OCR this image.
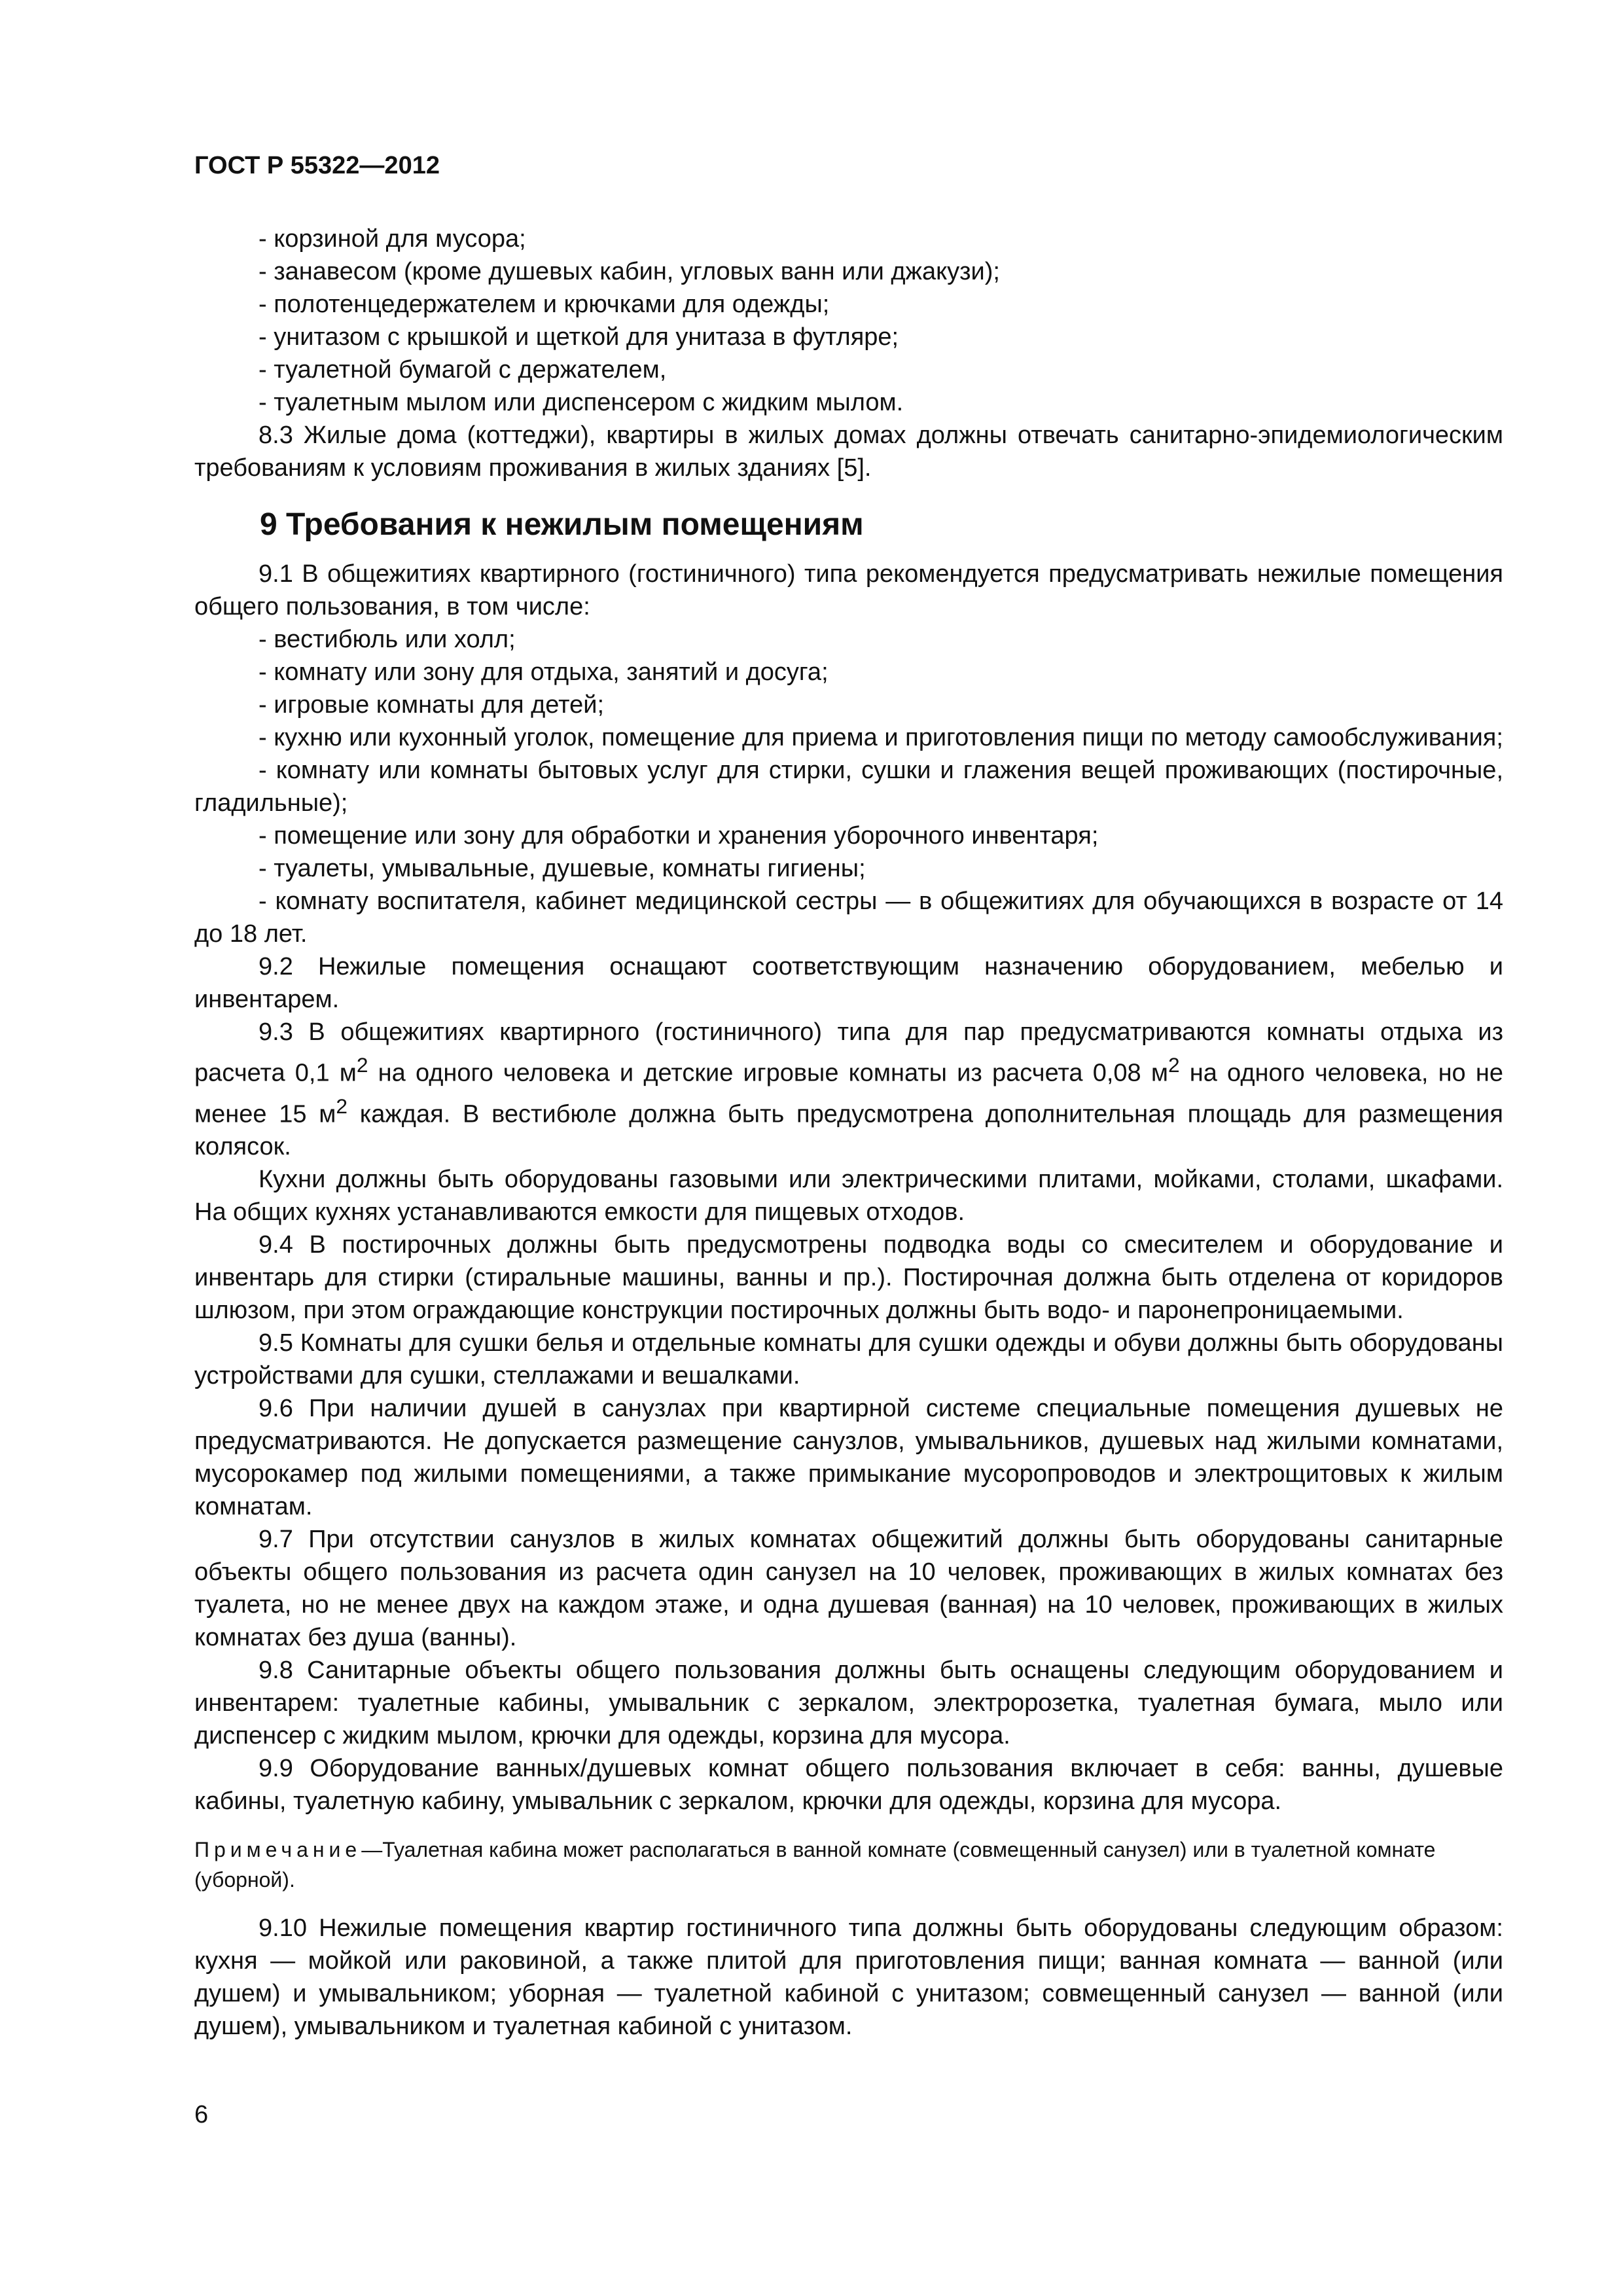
ГОСТ Р 55322—2012

- корзиной для мусора;

- занавесом (кроме душевых кабин, угловых ванн или джакузи);

- полотенцедержателем и крючками для одежды;

- унитазом с крышкой и щеткой для унитаза в футляре;

- туалетной бумагой с держателем,

- туалетным мылом или диспенсером с жидким мылом.

8.3 Жилые дома (коттеджи), квартиры в жилых домах должны отвечать санитарно-эпидемиологическим требованиям к условиям проживания в жилых зданиях [5].

9 Требования к нежилым помещениям

9.1 В общежитиях квартирного (гостиничного) типа рекомендуется предусматривать нежилые помещения общего пользования, в том числе:

- вестибюль или холл;

- комнату или зону для отдыха, занятий и досуга;

- игровые комнаты для детей;

- кухню или кухонный уголок, помещение для приема и приготовления пищи по методу самообслуживания;

- комнату или комнаты бытовых услуг для стирки, сушки и глажения вещей проживающих (постирочные, гладильные);

- помещение или зону для обработки и хранения уборочного инвентаря;

- туалеты, умывальные, душевые, комнаты гигиены;

- комнату воспитателя, кабинет медицинской сестры — в общежитиях для обучающихся в возрасте от 14 до 18 лет.

9.2 Нежилые помещения оснащают соответствующим назначению оборудованием, мебелью и инвентарем.

9.3 В общежитиях квартирного (гостиничного) типа для пар предусматриваются комнаты отдыха из расчета 0,1 $м^2$ на одного человека и детские игровые комнаты из расчета 0,08 $м^2$ на одного человека, но не менее 15 $м^2$ каждая. В вестибюле должна быть предусмотрена дополнительная площадь для размещения колясок.

Кухни должны быть оборудованы газовыми или электрическими плитами, мойками, столами, шкафами. На общих кухнях устанавливаются емкости для пищевых отходов.

9.4 В постирочных должны быть предусмотрены подводка воды со смесителем и оборудование и инвентарь для стирки (стиральные машины, ванны и пр.). Постирочная должна быть отделена от коридоров шлюзом, при этом ограждающие конструкции постирочных должны быть водо- и паронепроницаемыми.

9.5 Комнаты для сушки белья и отдельные комнаты для сушки одежды и обуви должны быть оборудованы устройствами для сушки, стеллажами и вешалками.

9.6 При наличии душей в санузлах при квартирной системе специальные помещения душевых не предусматриваются. Не допускается размещение санузлов, умывальников, душевых над жилыми комнатами, мусорокамер под жилыми помещениями, а также примыкание мусоропроводов и электрощитовых к жилым комнатам.

9.7 При отсутствии санузлов в жилых комнатах общежитий должны быть оборудованы санитарные объекты общего пользования из расчета один санузел на 10 человек, проживающих в жилых комнатах без туалета, но не менее двух на каждом этаже, и одна душевая (ванная) на 10 человек, проживающих в жилых комнатах без душа (ванны).

9.8 Санитарные объекты общего пользования должны быть оснащены следующим оборудованием и инвентарем: туалетные кабины, умывальник с зеркалом, электророзетка, туалетная бумага, мыло или диспенсер с жидким мылом, крючки для одежды, корзина для мусора.

9.9 Оборудование ванных/душевых комнат общего пользования включает в себя: ванны, душевые кабины, туалетную кабину, умывальник с зеркалом, крючки для одежды, корзина для мусора.

Примечание—Туалетная кабина может располагаться в ванной комнате (совмещенный санузел) или в туалетной комнате (уборной).

9.10 Нежилые помещения квартир гостиничного типа должны быть оборудованы следующим образом: кухня — мойкой или раковиной, а также плитой для приготовления пищи; ванная комната — ванной (или душем) и умывальником; уборная — туалетной кабиной с унитазом; совмещенный санузел — ванной (или душем), умывальником и туалетная кабиной с унитазом.

6
